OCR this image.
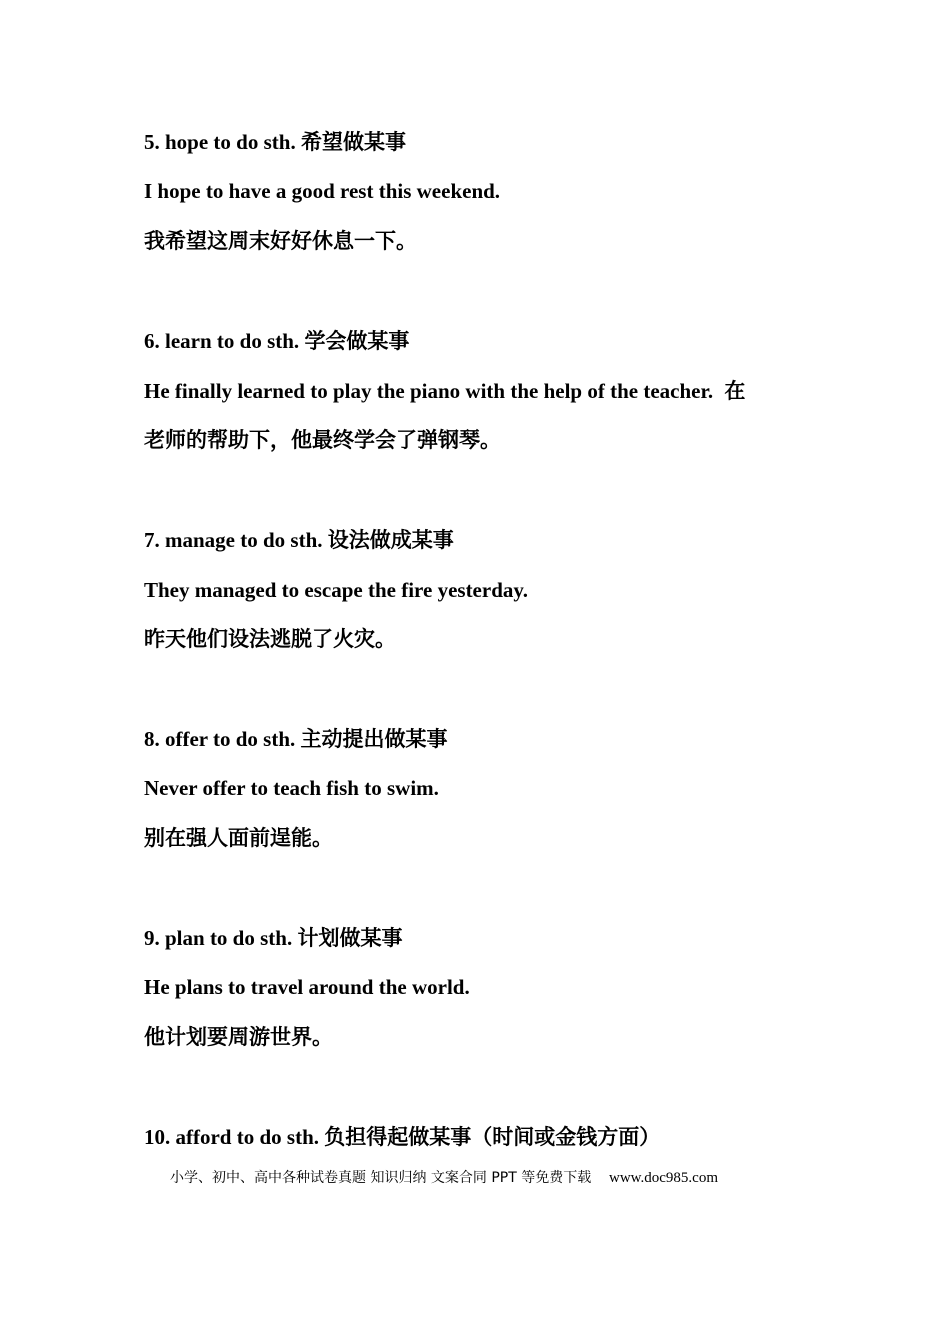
5. hope to do sth. 希望做某事
I hope to have a good rest this weekend.
我希望这周末好好休息一下。
6. learn to do sth. 学会做某事
He finally learned to play the piano with the help of the teacher. 在
老师的帮助下，他最终学会了弹钢琴。
7. manage to do sth. 设法做成某事
They managed to escape the fire yesterday.
昨天他们设法逃脱了火灾。
8. offer to do sth. 主动提出做某事
Never offer to teach fish to swim.
别在强人面前逞能。
9. plan to do sth. 计划做某事
He plans to travel around the world.
他计划要周游世界。
10. afford to do sth. 负担得起做某事（时间或金钱方面）
小学、初中、高中各种试卷真题 知识归纳 文案合同 PPT 等免费下载 www.doc985.com
